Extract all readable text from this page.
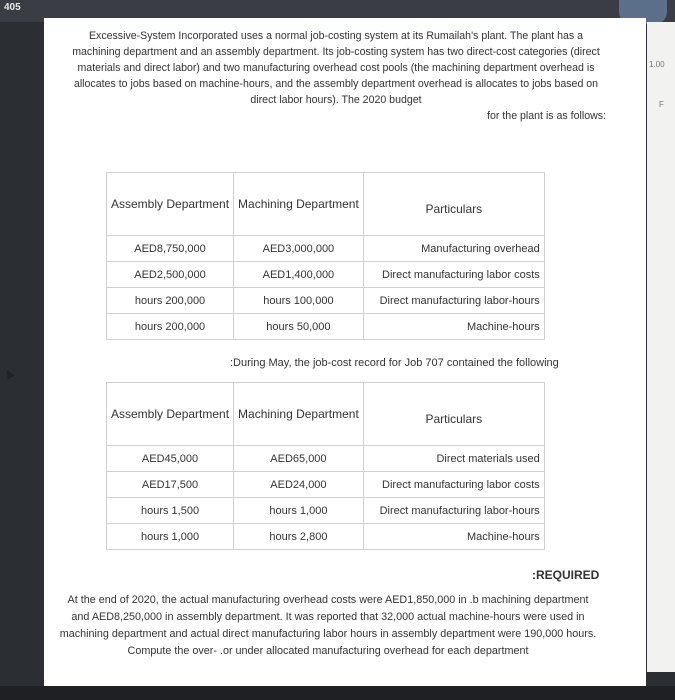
405
1.00
F
Excessive-System Incorporated uses a normal job-costing system at its Rumailah's plant. The plant has a machining department and an assembly department. Its job-costing system has two direct-cost categories (direct materials and direct labor) and two manufacturing overhead cost pools (the machining department overhead is allocates to jobs based on machine-hours, and the assembly department overhead is allocates to jobs based on direct labor hours). The 2020 budget
for the plant is as follows:
Assembly Department	Machining Department	Particulars
AED8,750,000	AED3,000,000	Manufacturing overhead
AED2,500,000	AED1,400,000	Direct manufacturing labor costs
hours 200,000	hours 100,000	Direct manufacturing labor-hours
hours 200,000	hours 50,000	Machine-hours
:During May, the job-cost record for Job 707 contained the following
Assembly Department	Machining Department	Particulars
AED45,000	AED65,000	Direct materials used
AED17,500	AED24,000	Direct manufacturing labor costs
hours 1,500	hours 1,000	Direct manufacturing labor-hours
hours 1,000	hours 2,800	Machine-hours
:REQUIRED
At the end of 2020, the actual manufacturing overhead costs were AED1,850,000 in .b machining department and AED8,250,000 in assembly department. It was reported that 32,000 actual machine-hours were used in machining department and actual direct manufacturing labor hours in assembly department were 190,000 hours. Compute the over- .or under allocated manufacturing overhead for each department
